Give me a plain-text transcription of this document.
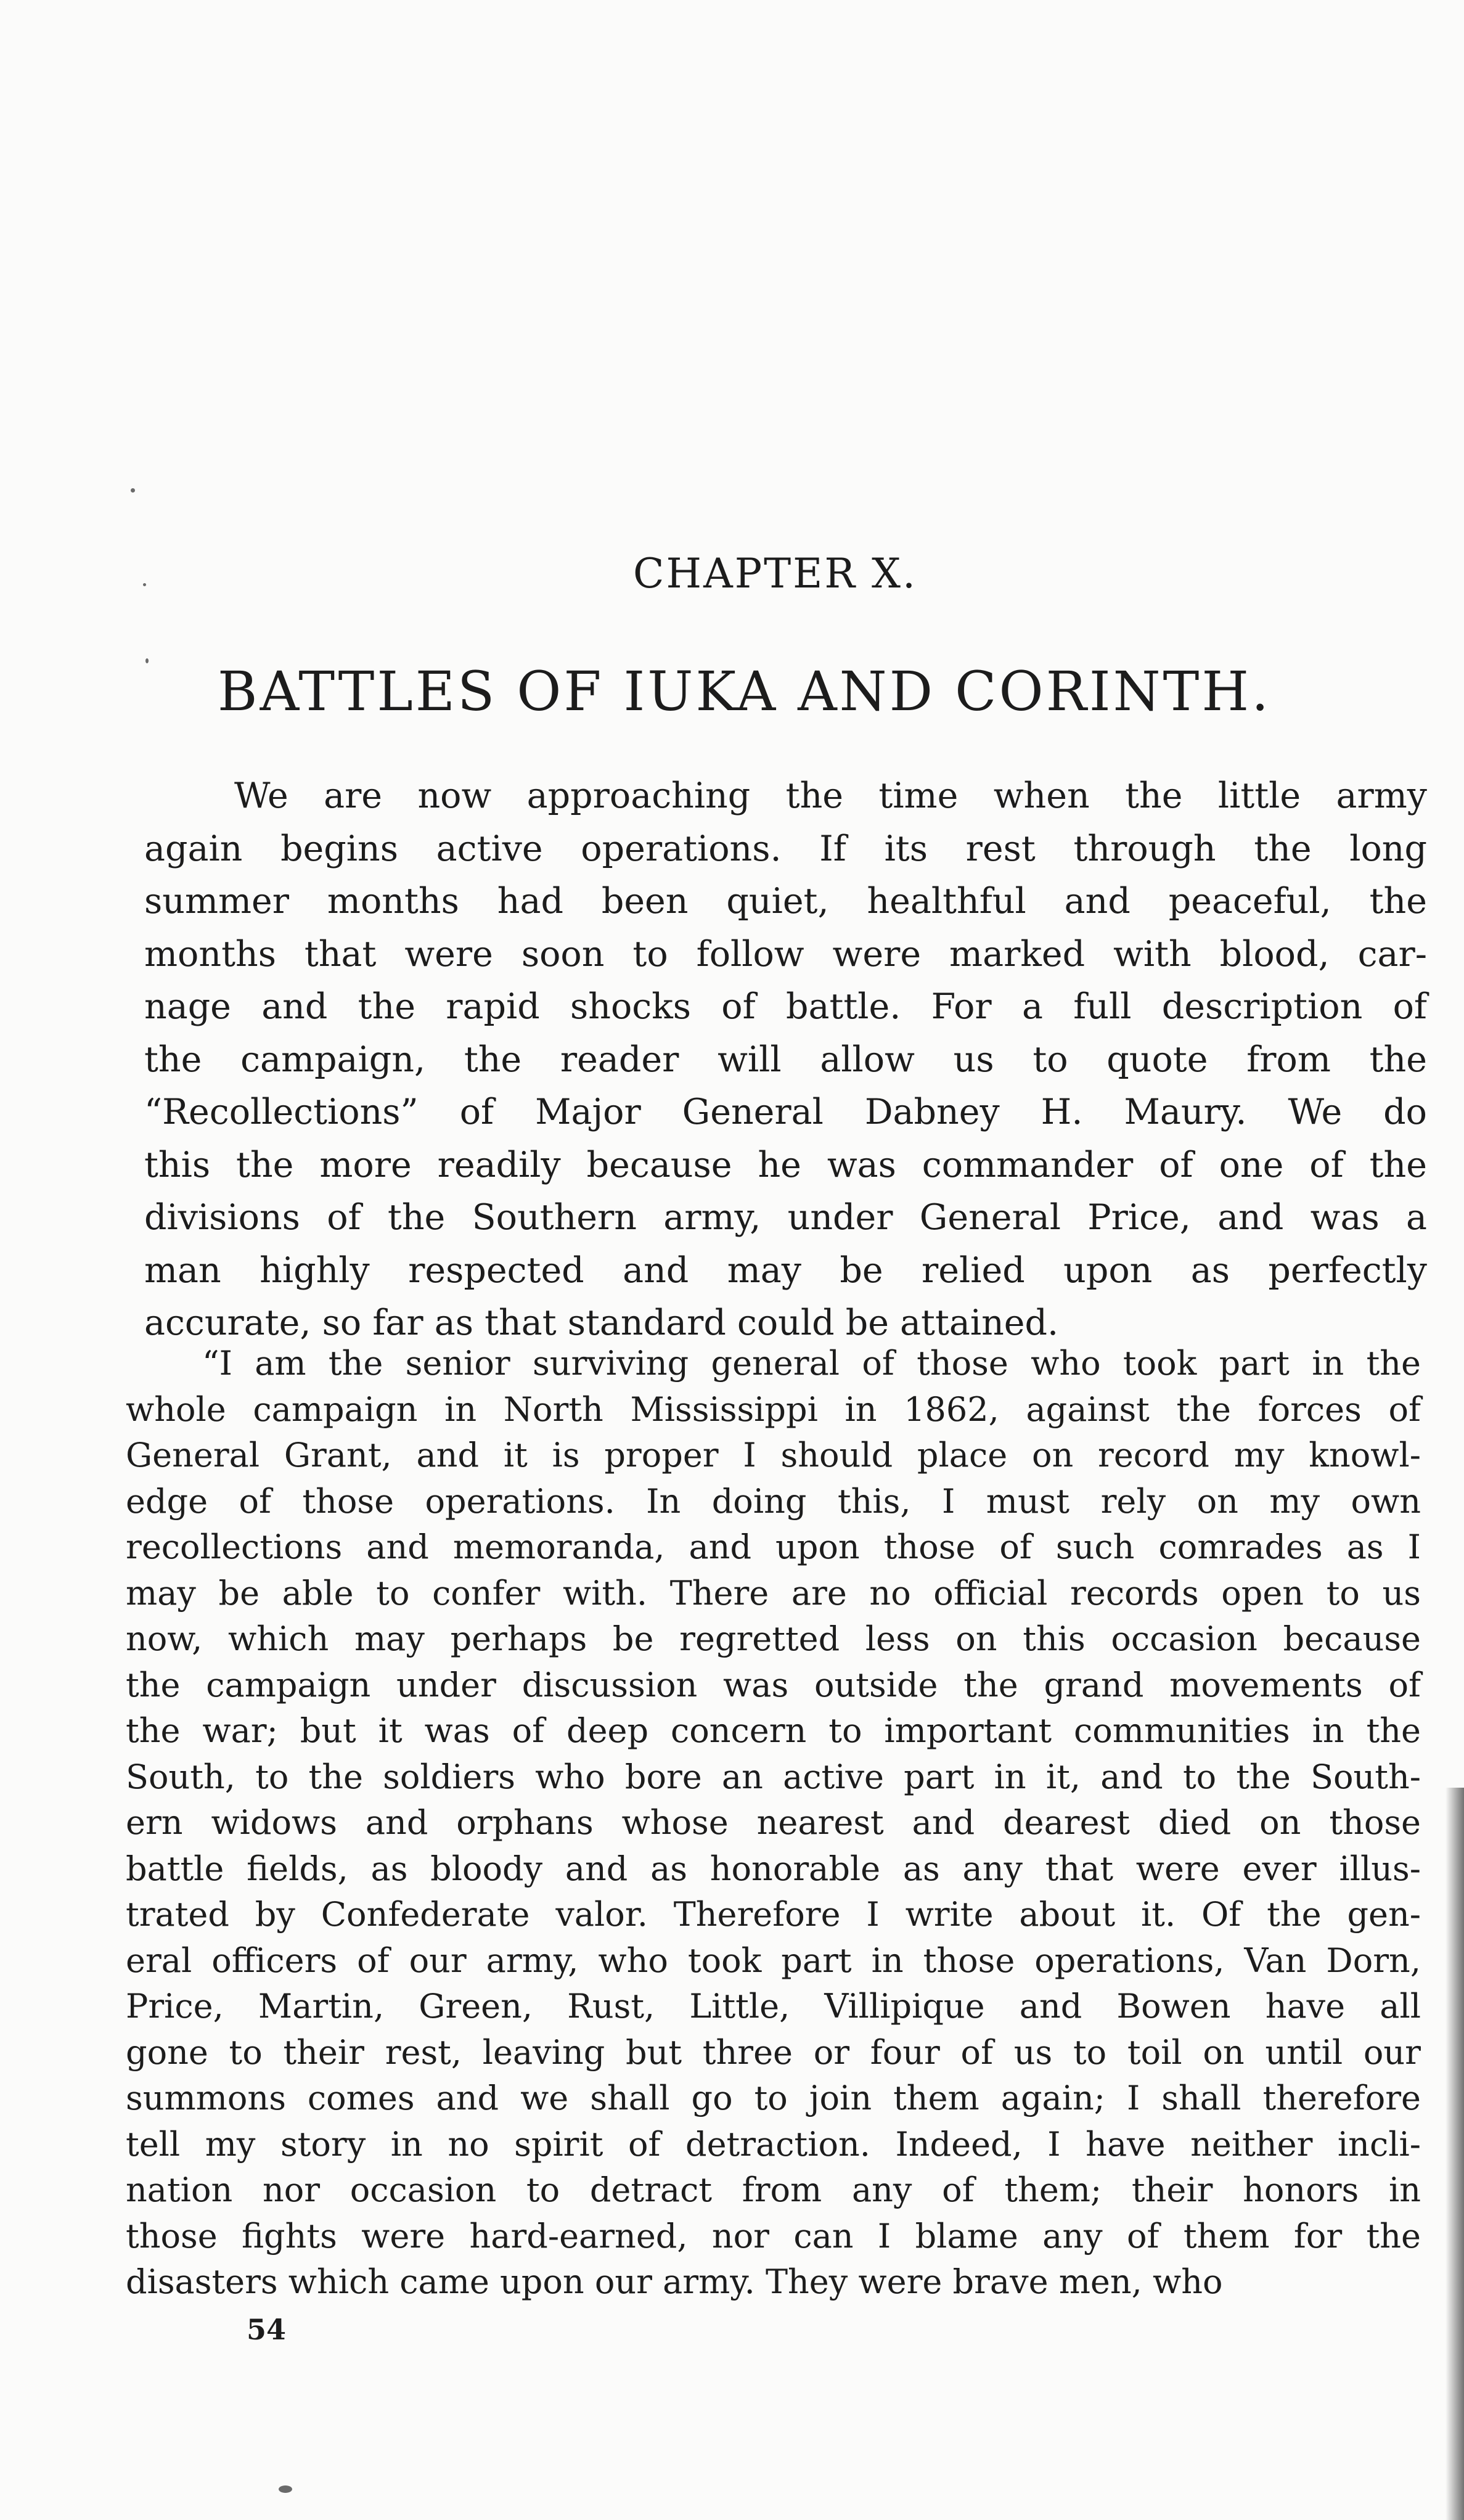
CHAPTER X.
BATTLES OF IUKA AND CORINTH.
We are now approaching the time when the little army
again begins active operations. If its rest through the long
summer months had been quiet, healthful and peaceful, the
months that were soon to follow were marked with blood, car-
nage and the rapid shocks of battle. For a full description of
the campaign, the reader will allow us to quote from the
“Recollections” of Major General Dabney H. Maury. We do
this the more readily because he was commander of one of the
divisions of the Southern army, under General Price, and was a
man highly respected and may be relied upon as perfectly
accurate, so far as that standard could be attained.
“I am the senior surviving general of those who took part in the
whole campaign in North Mississippi in 1862, against the forces of
General Grant, and it is proper I should place on record my knowl-
edge of those operations. In doing this, I must rely on my own
recollections and memoranda, and upon those of such comrades as I
may be able to confer with. There are no official records open to us
now, which may perhaps be regretted less on this occasion because
the campaign under discussion was outside the grand movements of
the war; but it was of deep concern to important communities in the
South, to the soldiers who bore an active part in it, and to the South-
ern widows and orphans whose nearest and dearest died on those
battle fields, as bloody and as honorable as any that were ever illus-
trated by Confederate valor. Therefore I write about it. Of the gen-
eral officers of our army, who took part in those operations, Van Dorn,
Price, Martin, Green, Rust, Little, Villipique and Bowen have all
gone to their rest, leaving but three or four of us to toil on until our
summons comes and we shall go to join them again; I shall therefore
tell my story in no spirit of detraction. Indeed, I have neither incli-
nation nor occasion to detract from any of them; their honors in
those fights were hard-earned, nor can I blame any of them for the
disasters which came upon our army. They were brave men, who
54
